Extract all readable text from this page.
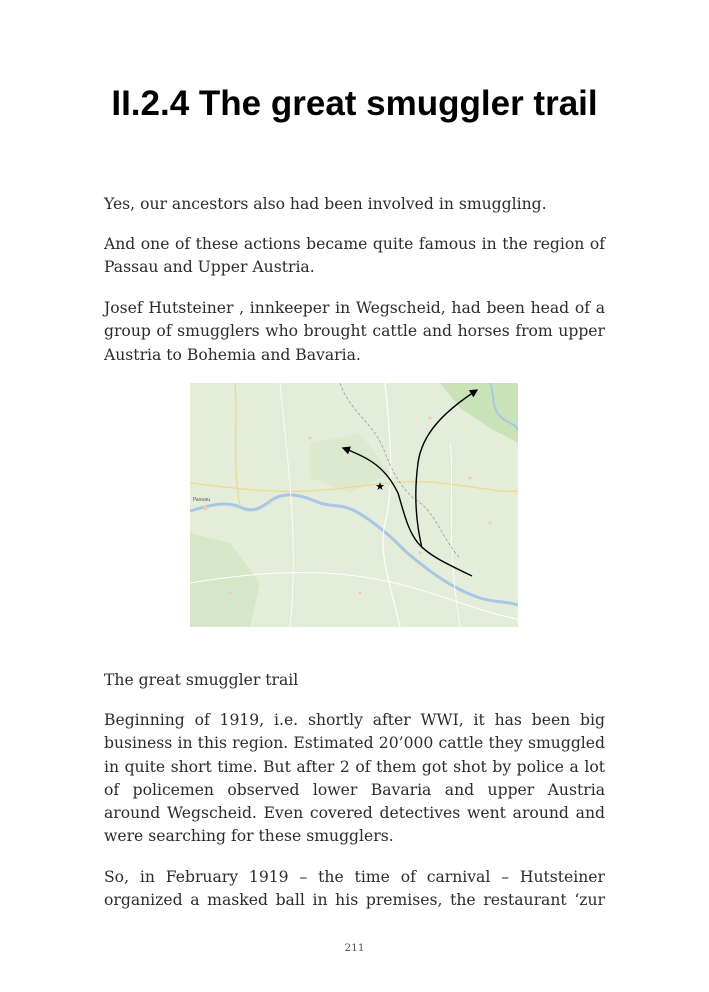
II.2.4 The great smuggler trail

Yes, our ancestors also had been involved in smuggling.

And one of these actions became quite famous in the region of Passau and Upper Austria.

Josef Hutsteiner , innkeeper in Wegscheid, had been head of a group of smugglers who brought cattle and horses from upper Austria to Bohemia and Bavaria.

Passau
★

The great smuggler trail

Beginning of 1919, i.e. shortly after WWI, it has been big business in this region. Estimated 20’000 cattle they smuggled in quite short time. But after 2 of them got shot by police a lot of policemen observed lower Bavaria and upper Austria around Wegscheid. Even covered detectives went around and were searching for these smugglers.

So, in February 1919 – the time of carnival – Hutsteiner organized a masked ball in his premises, the restaurant ‘zur

211
